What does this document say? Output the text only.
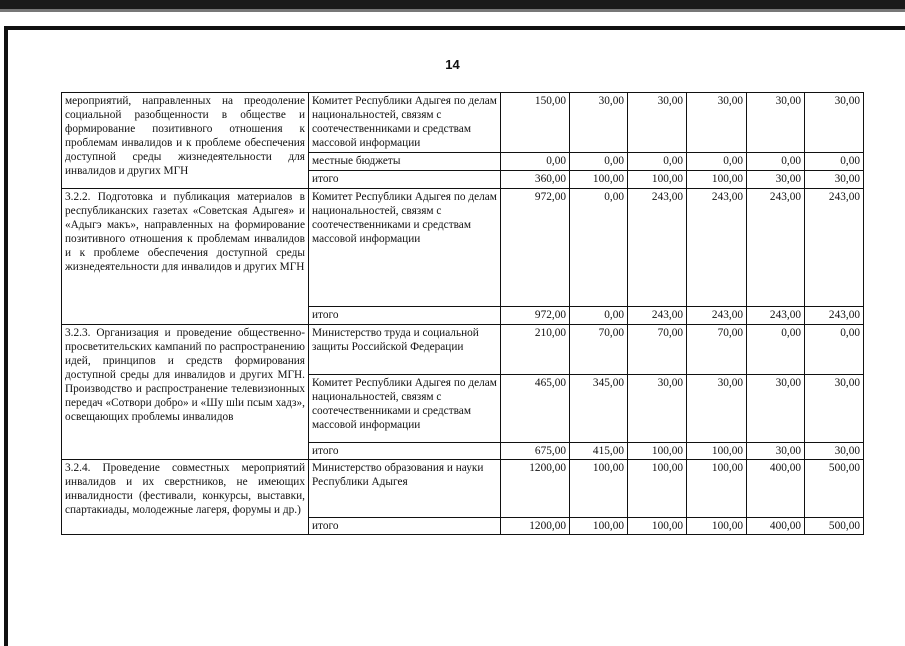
14
мероприятий, направленных на преодоление социальной разобщенности в обществе и формирование позитивного отношения к проблемам инвалидов и к проблеме обеспечения доступной среды жизнедеятельности для инвалидов и других МГН	Комитет Республики Адыгея по делам национальностей, связям с соотечественниками и средствам массовой информации	150,00	30,00	30,00	30,00	30,00	30,00
	местные бюджеты	0,00	0,00	0,00	0,00	0,00	0,00
	итого	360,00	100,00	100,00	100,00	30,00	30,00
3.2.2. Подготовка и публикация материалов в республиканских газетах «Советская Адыгея» и «Адыгэ макъ», направленных на формирование позитивного отношения к проблемам инвалидов и к проблеме обеспечения доступной среды жизнедеятельности для инвалидов и других МГН	Комитет Республики Адыгея по делам национальностей, связям с соотечественниками и средствам массовой информации	972,00	0,00	243,00	243,00	243,00	243,00
	итого	972,00	0,00	243,00	243,00	243,00	243,00
3.2.3. Организация и проведение общественно-просветительских кампаний по распространению идей, принципов и средств формирования доступной среды для инвалидов и других МГН. Производство и распространение телевизионных передач «Сотвори добро» и «Шу шlи псым хадз», освещающих проблемы инвалидов	Министерство труда и социальной защиты Российской Федерации	210,00	70,00	70,00	70,00	0,00	0,00
	Комитет Республики Адыгея по делам национальностей, связям с соотечественниками и средствам массовой информации	465,00	345,00	30,00	30,00	30,00	30,00
	итого	675,00	415,00	100,00	100,00	30,00	30,00
3.2.4. Проведение совместных мероприятий инвалидов и их сверстников, не имеющих инвалидности (фестивали, конкурсы, выставки, спартакиады, молодежные лагеря, форумы и др.)	Министерство образования и науки Республики Адыгея	1200,00	100,00	100,00	100,00	400,00	500,00
	итого	1200,00	100,00	100,00	100,00	400,00	500,00
